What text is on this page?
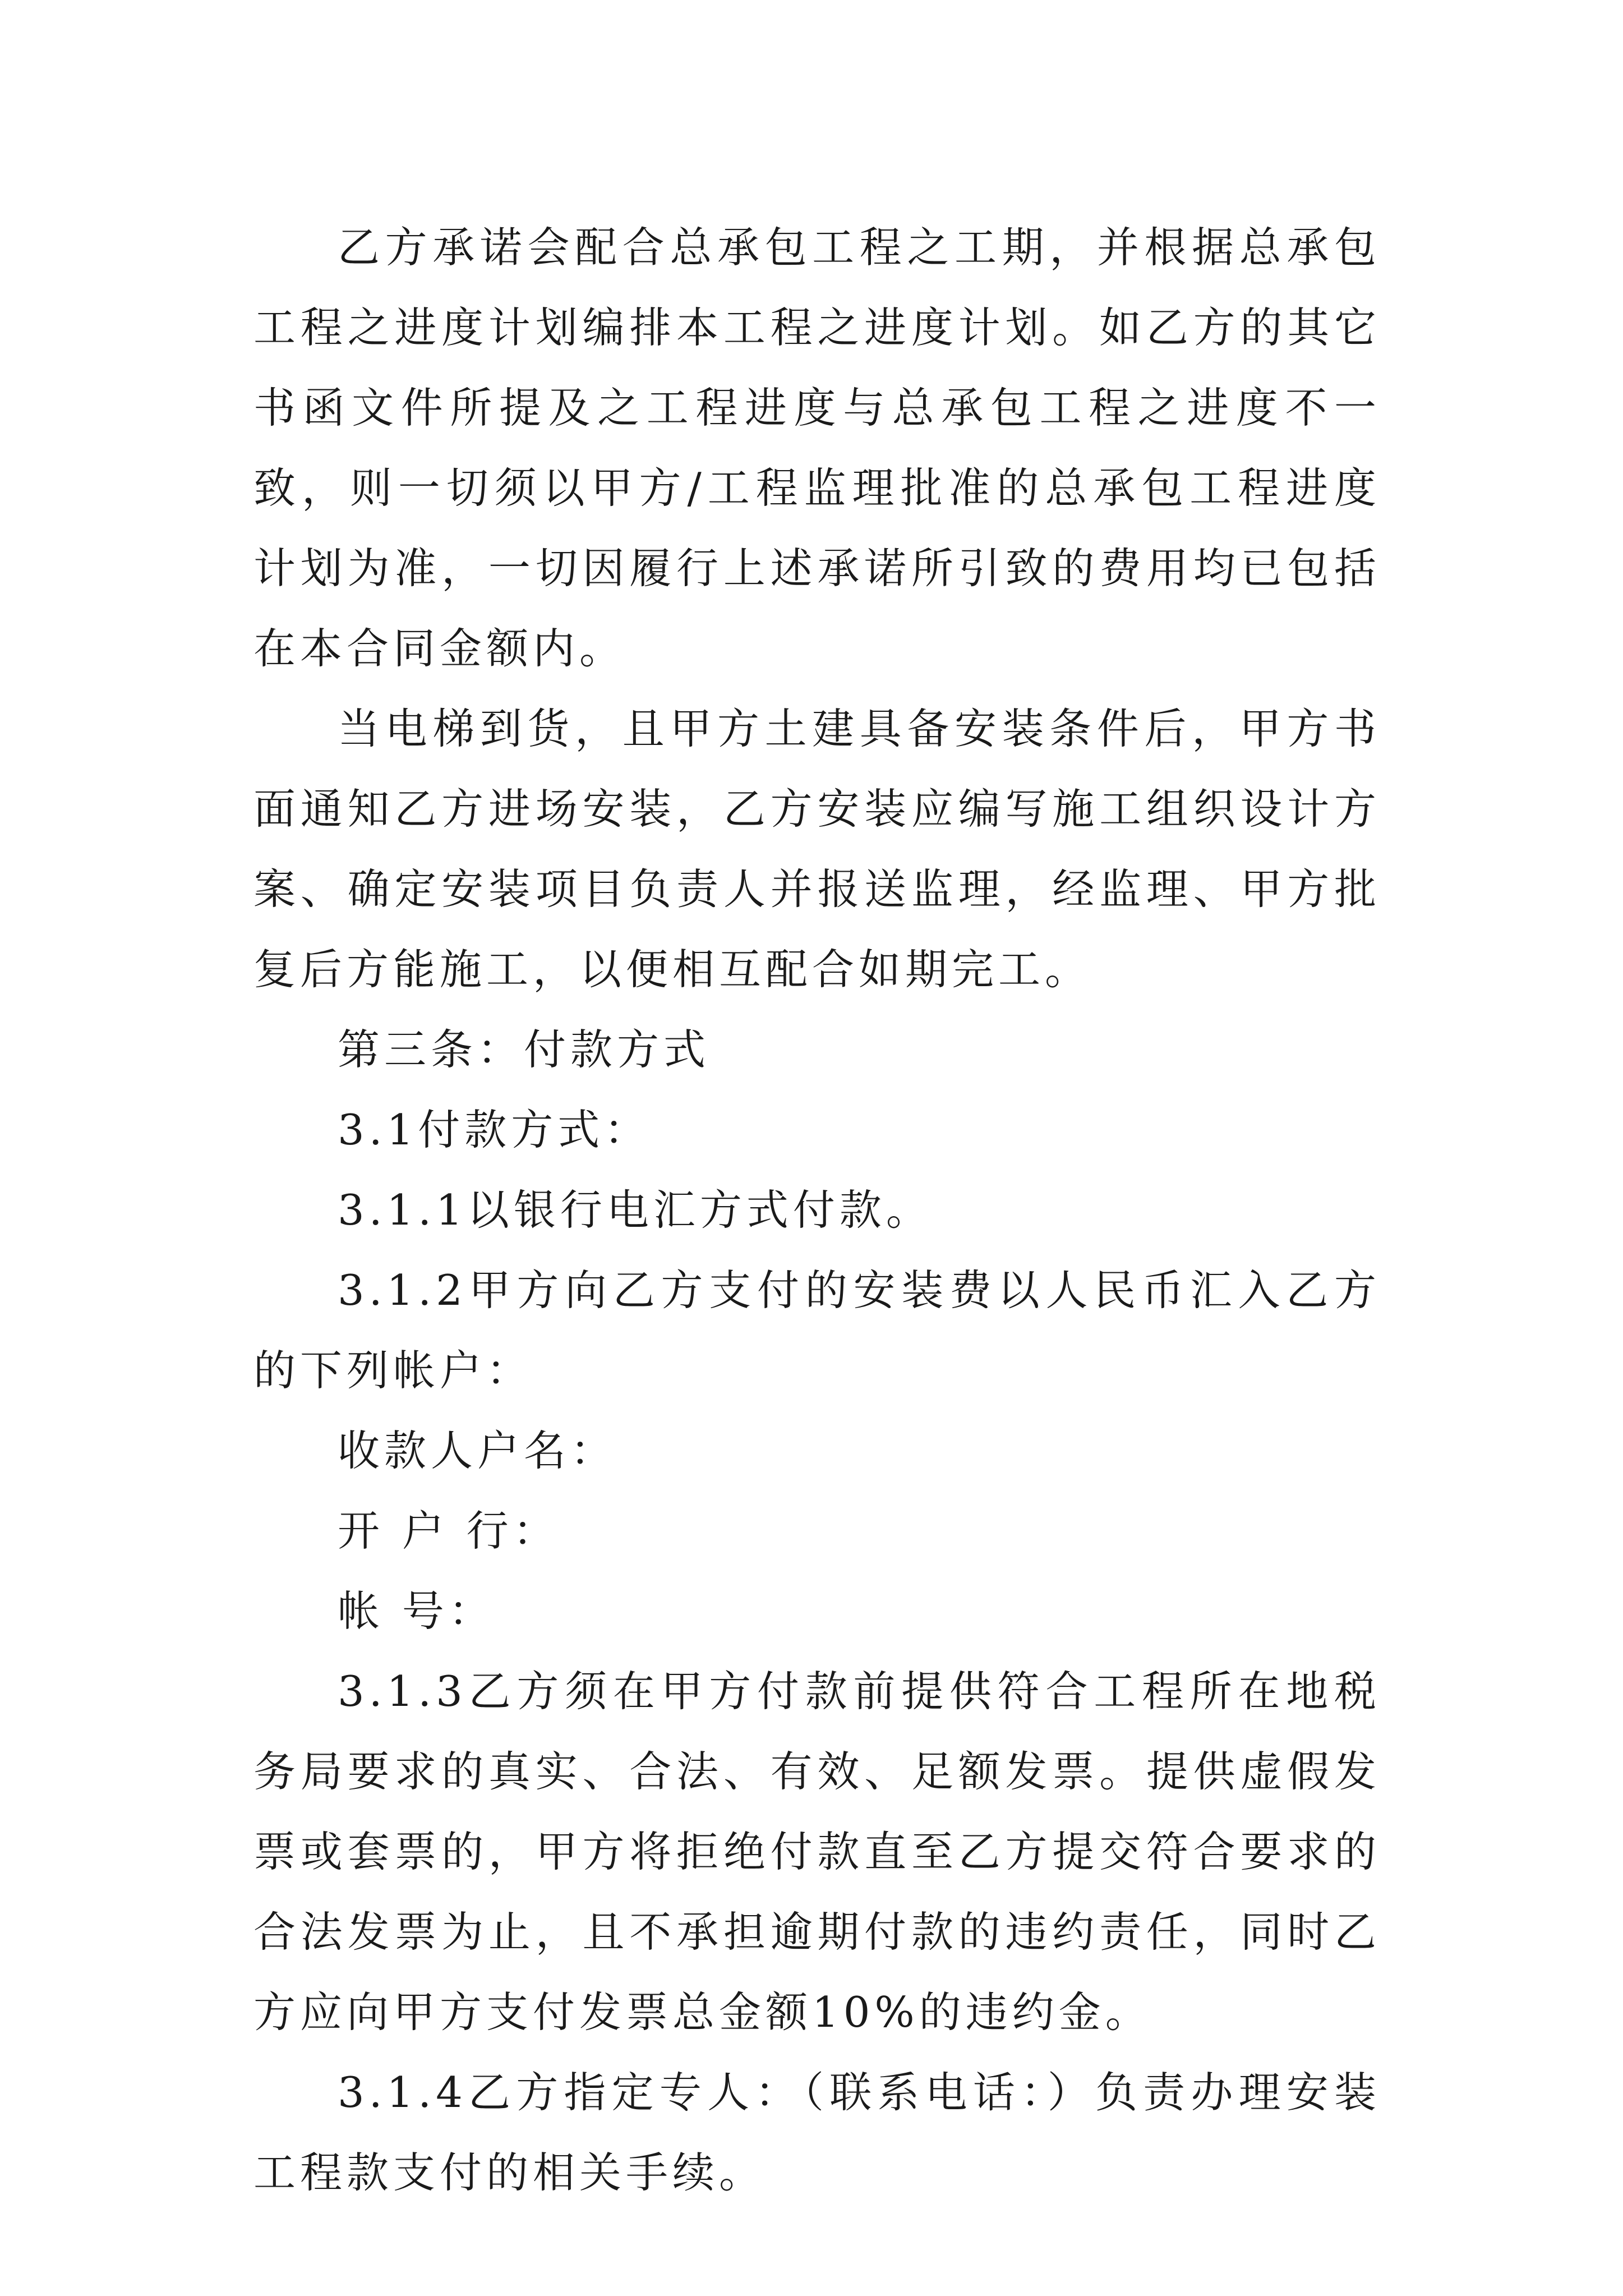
乙方承诺会配合总承包工程之工期，并根据总承包工程之进度计划编排本工程之进度计划。如乙方的其它书函文件所提及之工程进度与总承包工程之进度不一致，则一切须以甲方/工程监理批准的总承包工程进度计划为准，一切因履行上述承诺所引致的费用均已包括在本合同金额内。

当电梯到货，且甲方土建具备安装条件后，甲方书面通知乙方进场安装，乙方安装应编写施工组织设计方案、确定安装项目负责人并报送监理，经监理、甲方批复后方能施工，以便相互配合如期完工。

第三条：付款方式

3.1付款方式：

3.1.1以银行电汇方式付款。

3.1.2甲方向乙方支付的安装费以人民币汇入乙方的下列帐户：

收款人户名：

开 户 行：

帐 号：

3.1.3乙方须在甲方付款前提供符合工程所在地税务局要求的真实、合法、有效、足额发票。提供虚假发票或套票的，甲方将拒绝付款直至乙方提交符合要求的合法发票为止，且不承担逾期付款的违约责任，同时乙方应向甲方支付发票总金额10%的违约金。

3.1.4乙方指定专人：（联系电话：）负责办理安装工程款支付的相关手续。
